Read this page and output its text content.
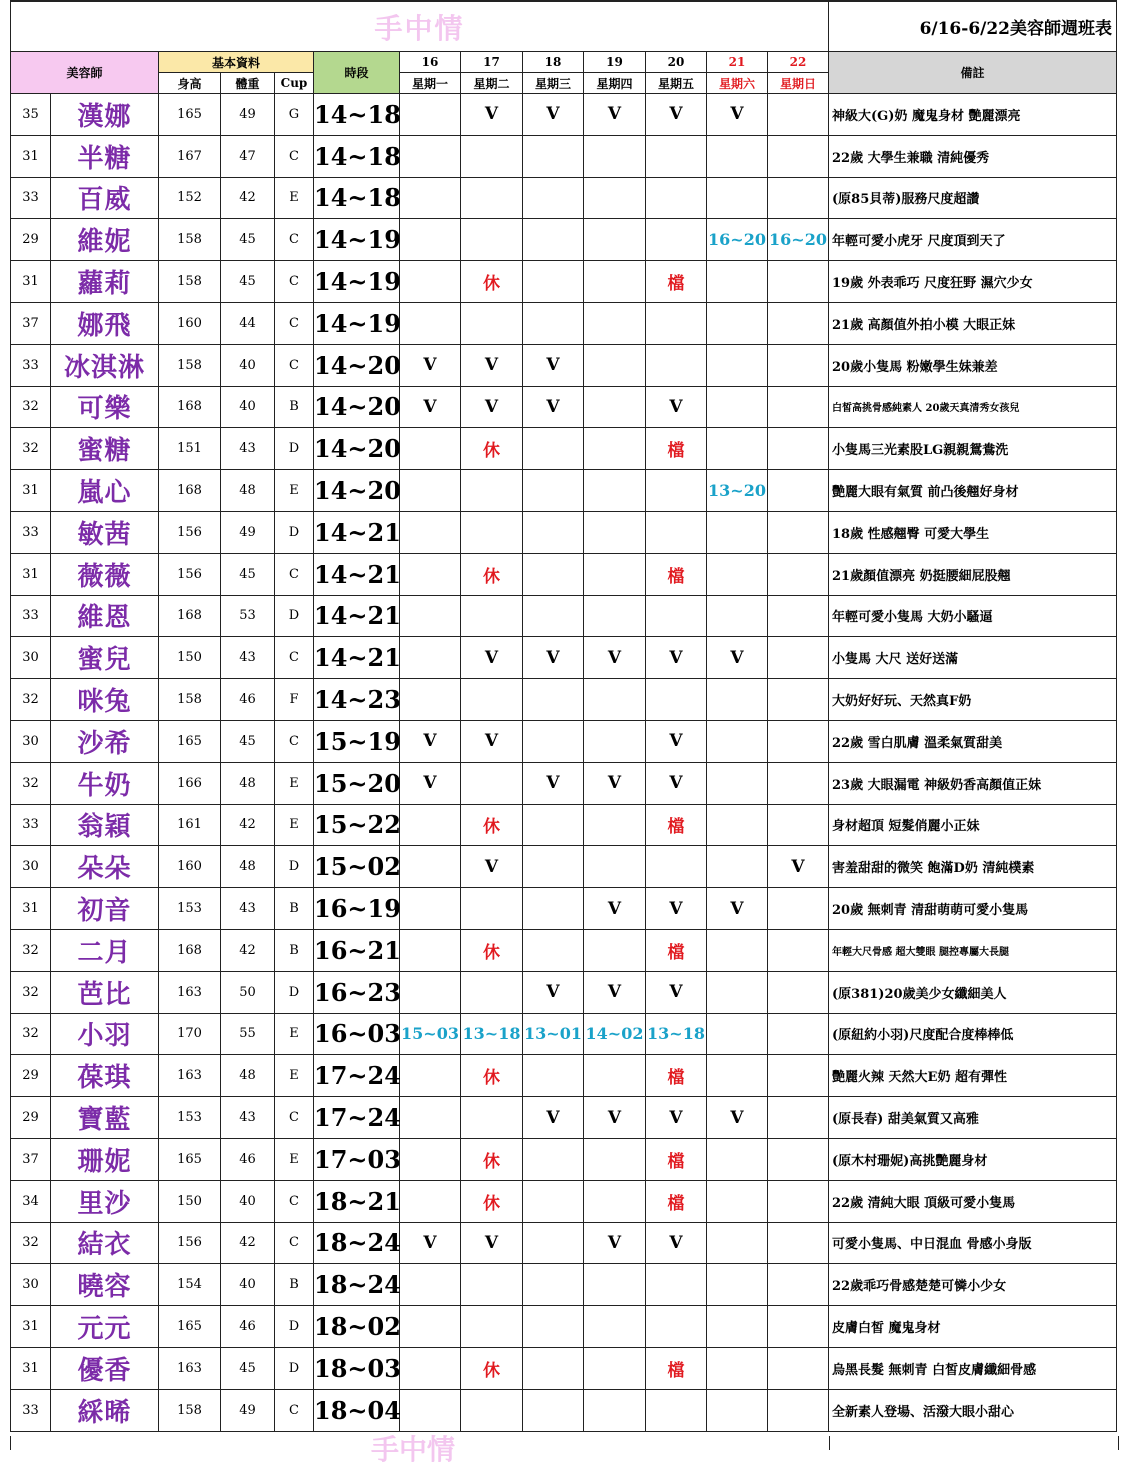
手中情													6/16-6/22美容師週班表
美容師		基本資料			時段	16	17	18	19	20	21	22	備註
		身高	體重	Cup		星期一	星期二	星期三	星期四	星期五	星期六	星期日	
35	漢娜	165	49	G	14~18		V	V	V	V	V		神級大(G)奶 魔鬼身材 艷麗漂亮
31	半糖	167	47	C	14~18								22歲 大學生兼職 清純優秀
33	百威	152	42	E	14~18								(原85貝蒂)服務尺度超讚
29	維妮	158	45	C	14~19						16~20	16~20	年輕可愛小虎牙 尺度頂到天了
31	蘿莉	158	45	C	14~19		休			檔			19歲 外表乖巧 尺度狂野 濕穴少女
37	娜飛	160	44	C	14~19								21歲 高顏值外拍小模 大眼正妹
33	冰淇淋	158	40	C	14~20	V	V	V					20歲小隻馬 粉嫩學生妹兼差
32	可樂	168	40	B	14~20	V	V	V		V			白皙高挑骨感純素人 20歲天真清秀女孩兒
32	蜜糖	151	43	D	14~20		休			檔			小隻馬三光素股LG親親鴛鴦洗
31	嵐心	168	48	E	14~20						13~20		艷麗大眼有氣質 前凸後翹好身材
33	敏茜	156	49	D	14~21								18歲 性感翹臀 可愛大學生
31	薇薇	156	45	C	14~21		休			檔			21歲顏值漂亮 奶挺腰細屁股翹
33	維恩	168	53	D	14~21								年輕可愛小隻馬 大奶小騷逼
30	蜜兒	150	43	C	14~21		V	V	V	V	V		小隻馬 大尺 送好送滿
32	咪兔	158	46	F	14~23								大奶好好玩、天然真F奶
30	沙希	165	45	C	15~19	V	V			V			22歲 雪白肌膚 溫柔氣質甜美
32	牛奶	166	48	E	15~20	V		V	V	V			23歲 大眼漏電 神級奶香高顏值正妹
33	翁穎	161	42	E	15~22		休			檔			身材超頂 短髮俏麗小正妹
30	朵朵	160	48	D	15~02		V					V	害羞甜甜的微笑 飽滿D奶 清純樸素
31	初音	153	43	B	16~19				V	V	V		20歲 無刺青 清甜萌萌可愛小隻馬
32	二月	168	42	B	16~21		休			檔			年輕大尺骨感 超大雙眼 腿控專屬大長腿
32	芭比	163	50	D	16~23			V	V	V			(原381)20歲美少女纖細美人
32	小羽	170	55	E	16~03	15~03	13~18	13~01	14~02	13~18			(原紐約小羽)尺度配合度棒棒低
29	葆琪	163	48	E	17~24		休			檔			艷麗火辣 天然大E奶 超有彈性
29	寶藍	153	43	C	17~24			V	V	V	V		(原長春) 甜美氣質又高雅
37	珊妮	165	46	E	17~03		休			檔			(原木村珊妮)高挑艷麗身材
34	里沙	150	40	C	18~21		休			檔			22歲 清純大眼 頂級可愛小隻馬
32	結衣	156	42	C	18~24	V	V		V	V			可愛小隻馬、中日混血 骨感小身版
30	曉容	154	40	B	18~24								22歲乖巧骨感楚楚可憐小少女
31	元元	165	46	D	18~02								皮膚白皙 魔鬼身材
31	優香	163	45	D	18~03		休			檔			烏黑長髮 無刺青 白皙皮膚纖細骨感
33	綵晞	158	49	C	18~04								全新素人登場、活潑大眼小甜心
手中情
